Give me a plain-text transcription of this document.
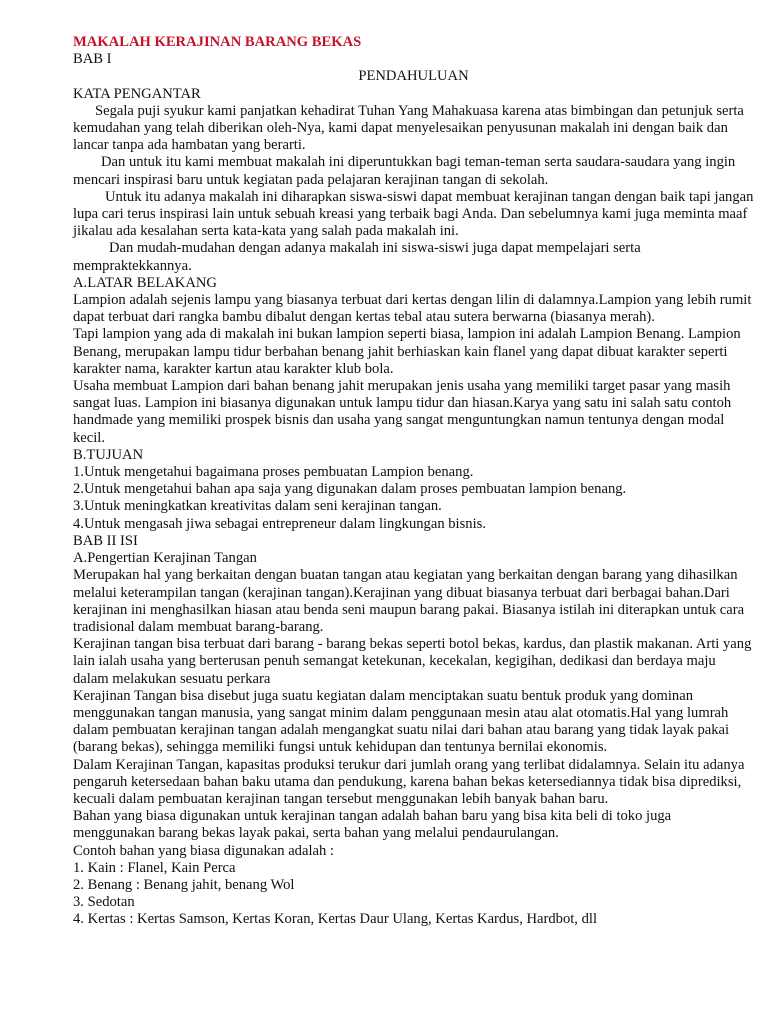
MAKALAH KERAJINAN BARANG BEKAS

BAB I

PENDAHULUAN

KATA PENGANTAR

Segala puji syukur kami panjatkan kehadirat Tuhan Yang Mahakuasa karena atas bimbingan dan petunjuk serta kemudahan yang telah diberikan oleh-Nya, kami dapat menyelesaikan penyusunan makalah ini dengan baik dan lancar tanpa ada hambatan yang berarti.

Dan untuk itu kami membuat makalah ini diperuntukkan bagi teman-teman serta saudara-saudara yang ingin mencari inspirasi baru untuk kegiatan pada pelajaran kerajinan tangan di sekolah.

Untuk itu adanya makalah ini diharapkan siswa-siswi dapat membuat kerajinan tangan dengan baik tapi jangan lupa cari terus inspirasi lain untuk sebuah kreasi yang terbaik bagi Anda. Dan sebelumnya kami juga meminta maaf jikalau ada kesalahan serta kata-kata yang salah pada makalah ini.

Dan mudah-mudahan dengan adanya makalah ini siswa-siswi juga dapat mempelajari serta mempraktekkannya.

A.LATAR BELAKANG

Lampion adalah sejenis lampu yang biasanya terbuat dari kertas dengan lilin di dalamnya.Lampion yang lebih rumit dapat terbuat dari rangka bambu dibalut dengan kertas tebal atau sutera berwarna (biasanya merah).

Tapi lampion yang ada di makalah ini bukan lampion seperti biasa, lampion ini adalah Lampion Benang. Lampion Benang, merupakan lampu tidur berbahan benang jahit berhiaskan kain flanel yang dapat dibuat karakter seperti karakter nama, karakter kartun atau karakter klub bola.

Usaha membuat Lampion dari bahan benang jahit merupakan jenis usaha yang memiliki target pasar yang masih sangat luas. Lampion ini biasanya digunakan untuk lampu tidur dan hiasan.Karya yang satu ini salah satu contoh handmade yang memiliki prospek bisnis dan usaha yang sangat menguntungkan namun tentunya dengan modal kecil.

B.TUJUAN

1.Untuk mengetahui bagaimana proses pembuatan Lampion benang.

2.Untuk mengetahui bahan apa saja yang digunakan dalam proses pembuatan lampion benang.

3.Untuk meningkatkan kreativitas dalam seni kerajinan tangan.

4.Untuk mengasah jiwa sebagai entrepreneur dalam lingkungan bisnis.

BAB II ISI

A.Pengertian Kerajinan Tangan

Merupakan hal yang berkaitan dengan buatan tangan atau kegiatan yang berkaitan dengan barang yang dihasilkan melalui keterampilan tangan (kerajinan tangan).Kerajinan yang dibuat biasanya terbuat dari berbagai bahan.Dari kerajinan ini menghasilkan hiasan atau benda seni maupun barang pakai. Biasanya istilah ini diterapkan untuk cara tradisional dalam membuat barang-barang.

Kerajinan tangan bisa terbuat dari barang - barang bekas seperti botol bekas, kardus, dan plastik makanan. Arti yang lain ialah usaha yang berterusan penuh semangat ketekunan, kecekalan, kegigihan, dedikasi dan berdaya maju dalam melakukan sesuatu perkara

Kerajinan Tangan bisa disebut juga suatu kegiatan dalam menciptakan suatu bentuk produk yang dominan menggunakan tangan manusia, yang sangat minim dalam penggunaan mesin atau alat otomatis.Hal yang lumrah dalam pembuatan kerajinan tangan adalah mengangkat suatu nilai dari bahan atau barang yang tidak layak pakai (barang bekas), sehingga memiliki fungsi untuk kehidupan dan tentunya bernilai ekonomis.

Dalam Kerajinan Tangan, kapasitas produksi terukur dari jumlah orang yang terlibat didalamnya. Selain itu adanya pengaruh ketersedaan bahan baku utama dan pendukung, karena bahan bekas ketersediannya tidak bisa diprediksi, kecuali dalam pembuatan kerajinan tangan tersebut menggunakan lebih banyak bahan baru.

Bahan yang biasa digunakan untuk kerajinan tangan adalah bahan baru yang bisa kita beli di toko juga menggunakan barang bekas layak pakai, serta bahan yang melalui pendaurulangan.

Contoh bahan yang biasa digunakan adalah :

1. Kain : Flanel, Kain Perca

2. Benang : Benang jahit, benang Wol

3. Sedotan

4. Kertas : Kertas Samson, Kertas Koran, Kertas Daur Ulang, Kertas Kardus, Hardbot, dll
